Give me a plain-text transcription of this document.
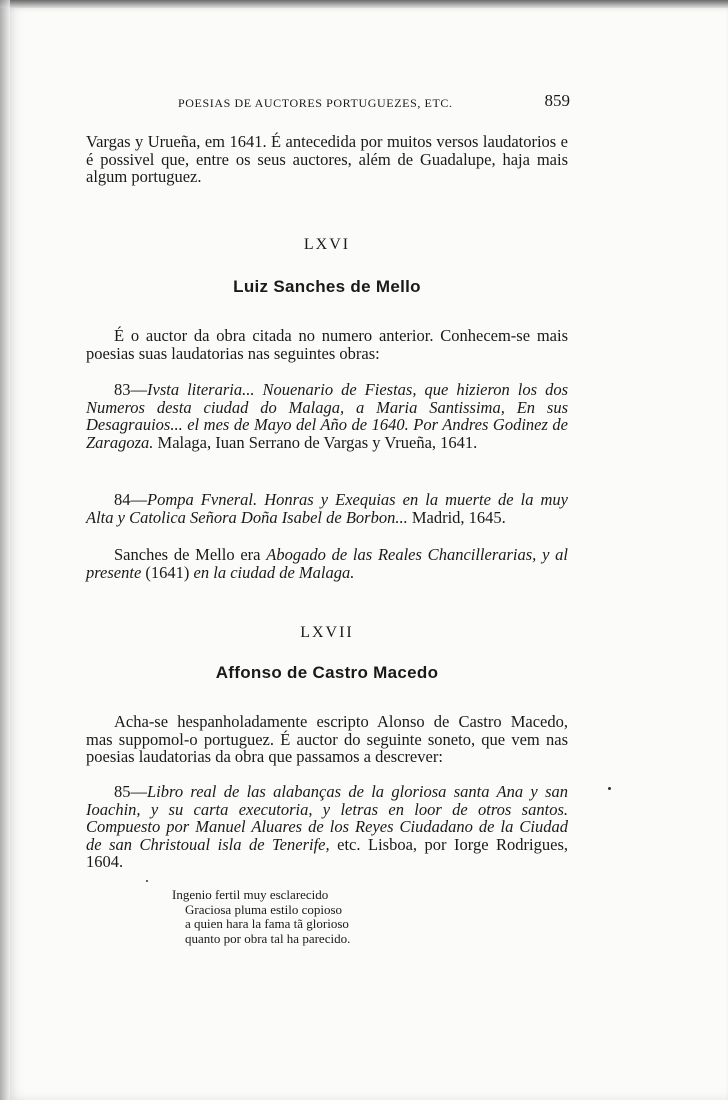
POESIAS DE AUCTORES PORTUGUEZES, ETC.	859
Vargas y Urueña, em 1641. É antecedida por muitos versos laudatorios e é possivel que, entre os seus auctores, além de Guadalupe, haja mais algum portuguez.
LXVI
Luiz Sanches de Mello
É o auctor da obra citada no numero anterior. Conhecem-se mais poesias suas laudatorias nas seguintes obras:
83—Ivsta literaria... Nouenario de Fiestas, que hizieron los dos Numeros desta ciudad do Malaga, a Maria Santissima, En sus Desagrauios... el mes de Mayo del Año de 1640. Por Andres Godinez de Zaragoza. Malaga, Iuan Serrano de Vargas y Vrueña, 1641.
84—Pompa Fvneral. Honras y Exequias en la muerte de la muy Alta y Catolica Señora Doña Isabel de Borbon... Madrid, 1645.
Sanches de Mello era Abogado de las Reales Chancillerarias, y al presente (1641) en la ciudad de Malaga.
LXVII
Affonso de Castro Macedo
Acha-se hespanholadamente escripto Alonso de Castro Macedo, mas suppomol-o portuguez. É auctor do seguinte soneto, que vem nas poesias laudatorias da obra que passamos a descrever:
85—Libro real de las alabanças de la gloriosa santa Ana y san Ioachin, y su carta executoria, y letras en loor de otros santos. Compuesto por Manuel Aluares de los Reyes Ciudadano de la Ciudad de san Christoual isla de Tenerife, etc. Lisboa, por Iorge Rodrigues, 1604.
Ingenio fertil muy esclarecido
Graciosa pluma estilo copioso
a quien hara la fama tã glorioso
quanto por obra tal ha parecido.
